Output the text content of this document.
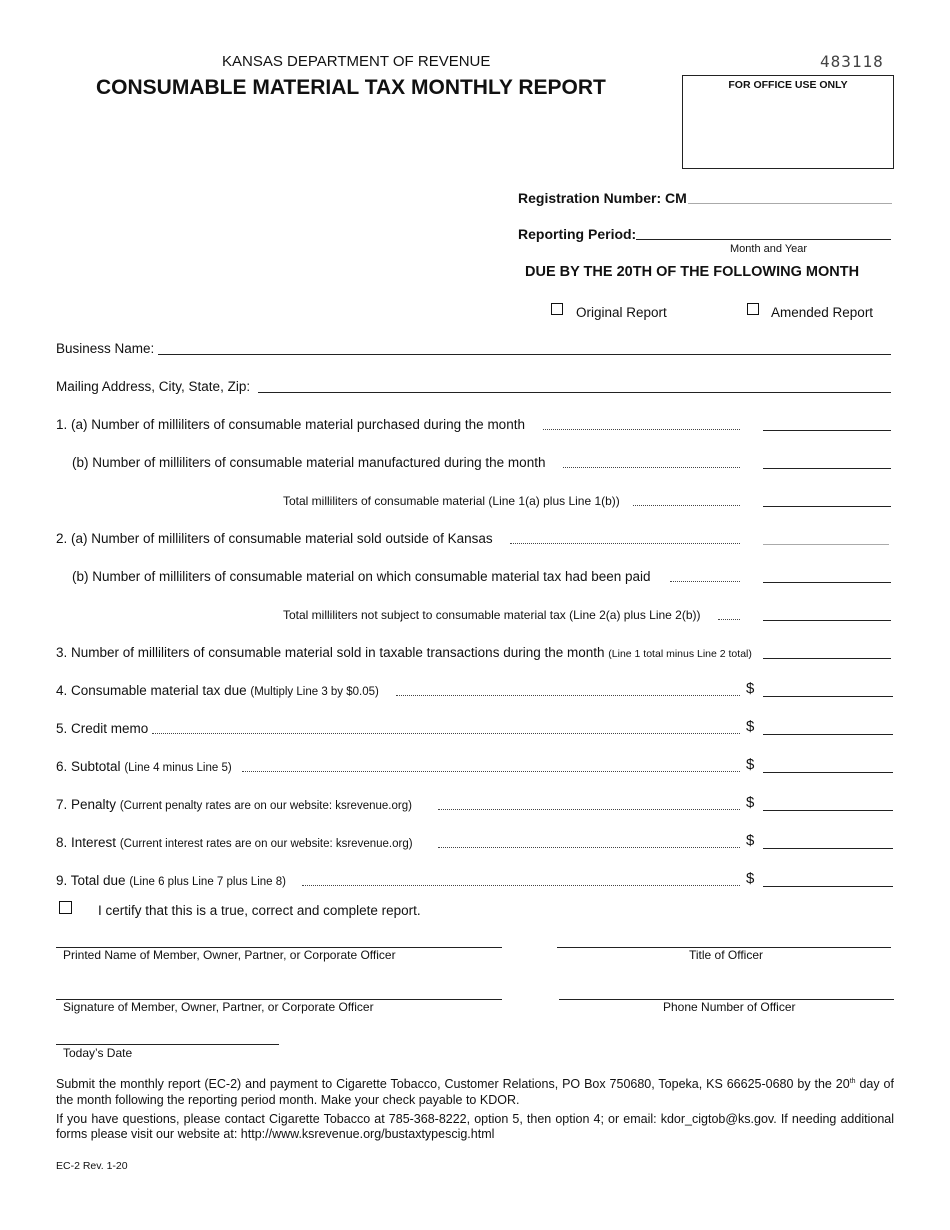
KANSAS DEPARTMENT OF REVENUE
CONSUMABLE MATERIAL TAX MONTHLY REPORT
483118
FOR OFFICE USE ONLY
Registration Number: CM
Reporting Period:
Month and Year
DUE BY THE 20TH OF THE FOLLOWING MONTH
Original Report	Amended Report
Business Name:
Mailing Address, City, State, Zip:
1. (a) Number of milliliters of consumable material purchased during the month
(b) Number of milliliters of consumable material manufactured during the month
Total milliliters of consumable material (Line 1(a) plus Line 1(b))
2. (a) Number of milliliters of consumable material sold outside of Kansas
(b) Number of milliliters of consumable material on which consumable material tax had been paid
Total milliliters not subject to consumable material tax (Line 2(a) plus Line 2(b))
3. Number of milliliters of consumable material sold in taxable transactions during the month (Line 1 total minus Line 2 total)
4. Consumable material tax due (Multiply Line 3 by $0.05)	$
5. Credit memo	$
6. Subtotal (Line 4 minus Line 5)	$
7. Penalty (Current penalty rates are on our website: ksrevenue.org)	$
8. Interest (Current interest rates are on our website: ksrevenue.org)	$
9. Total due (Line 6 plus Line 7 plus Line 8)	$
I certify that this is a true, correct and complete report.
Printed Name of Member, Owner, Partner, or Corporate Officer	Title of Officer
Signature of Member, Owner, Partner, or Corporate Officer	Phone Number of Officer
Today’s Date
Submit the monthly report (EC-2) and payment to Cigarette Tobacco, Customer Relations, PO Box 750680, Topeka, KS 66625-0680 by the 20th day of the month following the reporting period month. Make your check payable to KDOR.
If you have questions, please contact Cigarette Tobacco at 785-368-8222, option 5, then option 4; or email: kdor_cigtob@ks.gov. If needing additional forms please visit our website at: http://www.ksrevenue.org/bustaxtypescig.html
EC-2 Rev. 1-20
